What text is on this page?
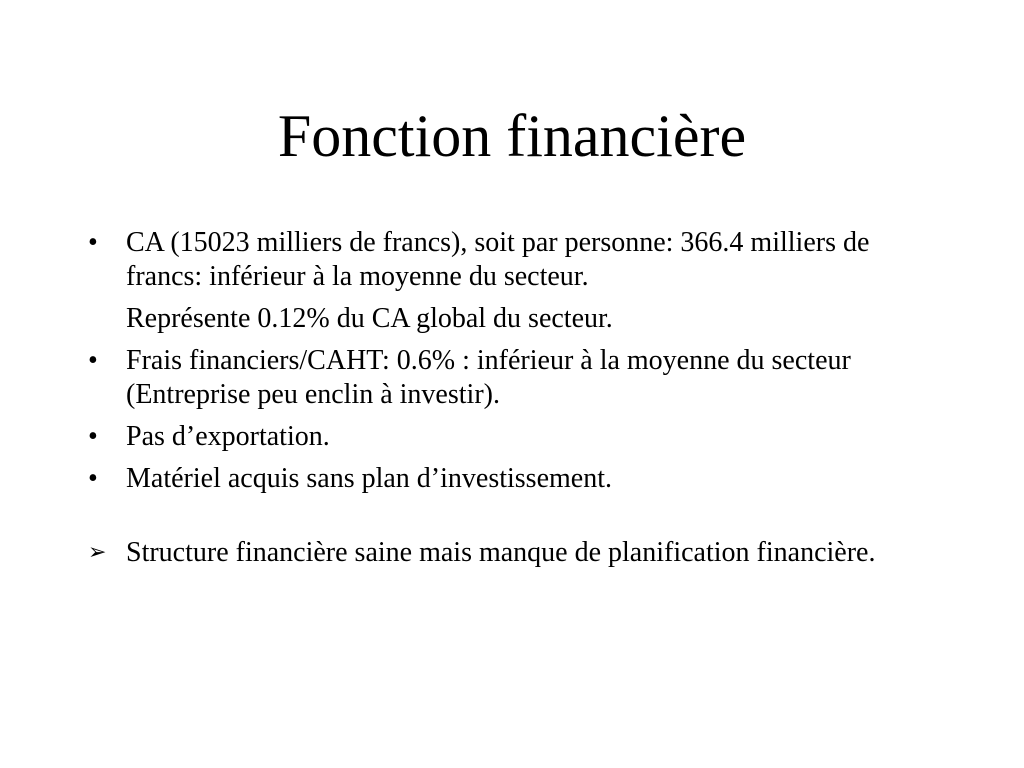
Fonction financière
•	CA (15023 milliers de francs), soit par personne: 366.4 milliers de francs: inférieur à la moyenne du secteur.
Représente 0.12% du CA global du secteur.
•	Frais financiers/CAHT: 0.6% : inférieur à la moyenne du secteur (Entreprise peu enclin à investir).
•	Pas d’exportation.
•	Matériel acquis sans plan d’investissement.
➢ Structure financière saine mais manque de planification financière.
